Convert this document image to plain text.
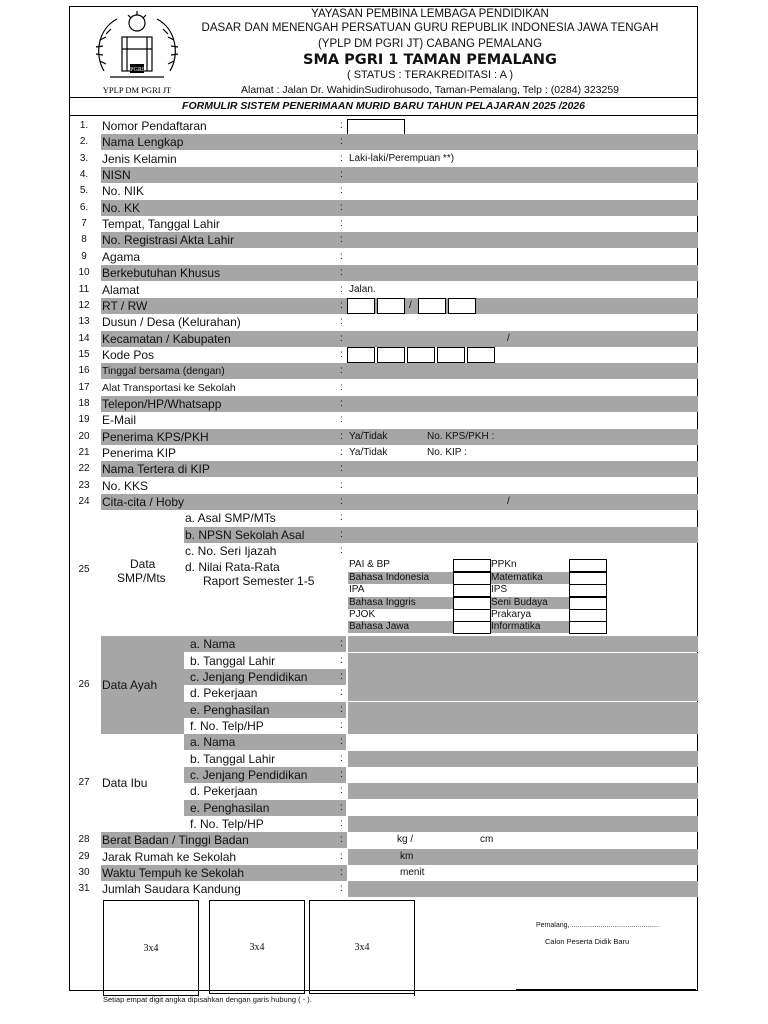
PGRI
YPLP DM PGRI JT
YAYASAN PEMBINA LEMBAGA PENDIDIKAN
DASAR DAN MENENGAH PERSATUAN GURU REPUBLIK INDONESIA JAWA TENGAH
(YPLP DM PGRI JT) CABANG PEMALANG
SMA PGRI 1 TAMAN PEMALANG
( STATUS : TERAKREDITASI : A )
Alamat : Jalan Dr. WahidinSudirohusodo, Taman-Pemalang, Telp : (0284) 323259
FORMULIR SISTEM PENERIMAAN MURID BARU TAHUN PELAJARAN 2025 /2026
1.	Nomor Pendaftaran	:
2.	Nama Lengkap	:
3.	Jenis Kelamin	: Laki-laki/Perempuan **)
4.	NISN	:
5.	No. NIK	:
6.	No. KK	:
7	Tempat, Tanggal Lahir	:
8	No. Registrasi Akta Lahir	:
9	Agama	:
10	Berkebutuhan Khusus	:
11	Alamat	: Jalan.
12	RT / RW	:	/
13	Dusun / Desa (Kelurahan)	:
14	Kecamatan / Kabupaten	:	/
15	Kode Pos	:
16	Tinggal bersama (dengan)	:
17	Alat Transportasi ke Sekolah	:
18	Telepon/HP/Whatsapp	:
19	E-Mail	:
20	Penerima KPS/PKH	: Ya/Tidak	No. KPS/PKH :
21	Penerima KIP	: Ya/Tidak	No. KIP :
22	Nama Tertera di KIP	:
23	No. KKS	:
24	Cita-cita / Hoby	:	/
25	Data
SMP/Mts
a. Asal SMP/MTs	:
b. NPSN Sekolah Asal	:
c. No. Seri Ijazah	:
d. Nilai Rata-Rata
Raport Semester 1-5
PAI & BP	PPKn
Bahasa Indonesia	Matematika
IPA	IPS
Bahasa Inggris	Seni Budaya
PJOK	Prakarya
Bahasa Jawa	Informatika
a. Nama	:
b. Tanggal Lahir	:
c. Jenjang Pendidikan	:
d. Pekerjaan	:
e. Penghasilan	:
f. No. Telp/HP	:
26	Data Ayah
a. Nama	:
b. Tanggal Lahir	:
c. Jenjang Pendidikan	:
d. Pekerjaan	:
e. Penghasilan	:
f. No. Telp/HP	:
27	Data Ibu
28	Berat Badan / Tinggi Badan	:	kg /	cm
29	Jarak Rumah ke Sekolah	:	km
30	Waktu Tempuh ke Sekolah	:	menit
31	Jumlah Saudara Kandung	:
3x4	3x4	3x4
Pemalang, .............................................
Calon Peserta Didik Baru
Setiap empat digit angka dipisahkan dengan garis hubung ( - ).
